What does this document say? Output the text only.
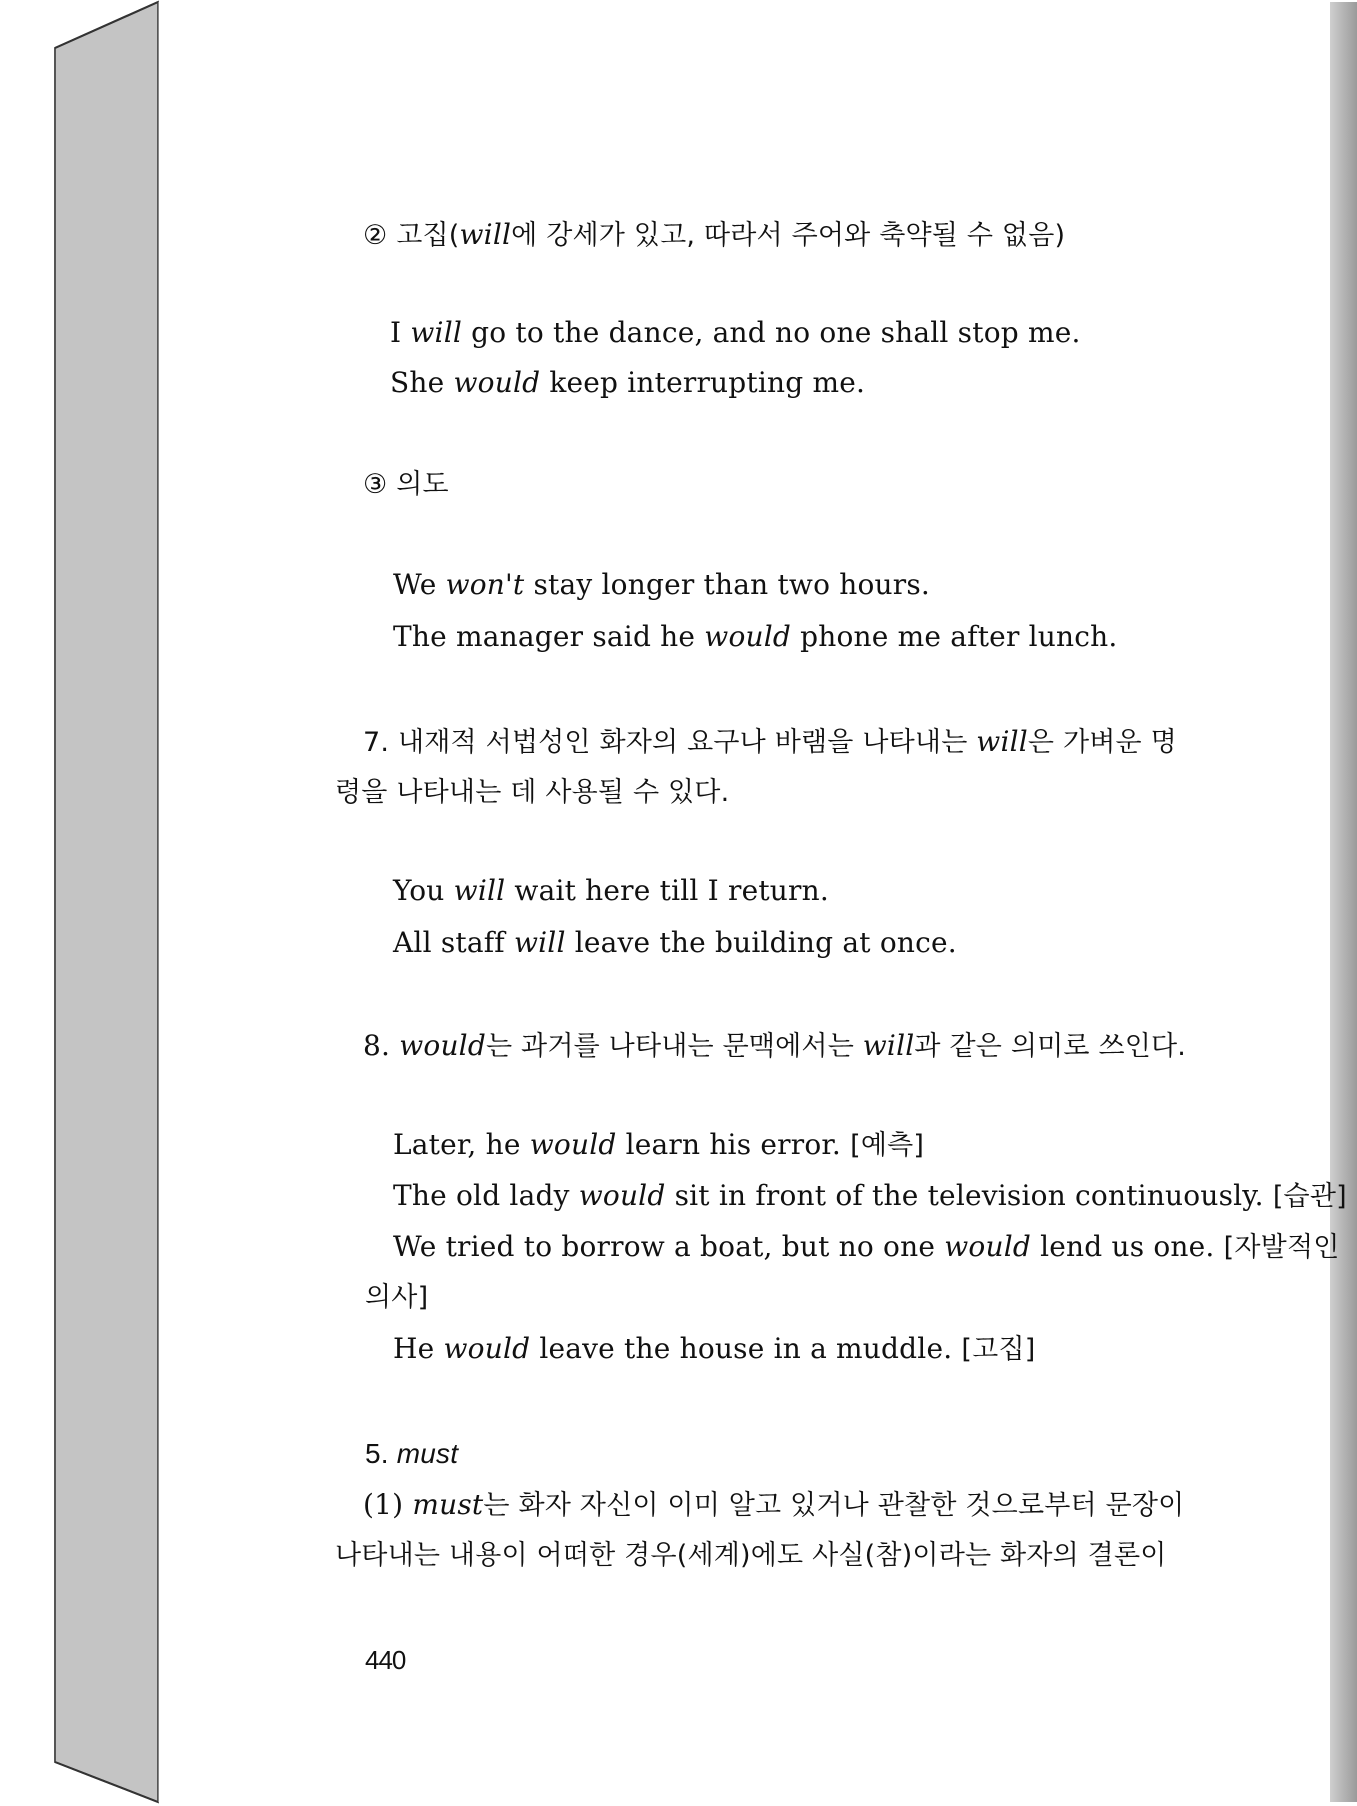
② 고집(will에 강세가 있고, 따라서 주어와 축약될 수 없음)
I will go to the dance, and no one shall stop me.
She would keep interrupting me.
③ 의도
We won't stay longer than two hours.
The manager said he would phone me after lunch.
7. 내재적 서법성인 화자의 요구나 바램을 나타내는 will은 가벼운 명
령을 나타내는 데 사용될 수 있다.
You will wait here till I return.
All staff will leave the building at once.
8. would는 과거를 나타내는 문맥에서는 will과 같은 의미로 쓰인다.
Later, he would learn his error. [예측]
The old lady would sit in front of the television continuously. [습관]
We tried to borrow a boat, but no one would lend us one. [자발적인
의사]
He would leave the house in a muddle. [고집]
5. must
(1) must는 화자 자신이 이미 알고 있거나 관찰한 것으로부터 문장이
나타내는 내용이 어떠한 경우(세계)에도 사실(참)이라는 화자의 결론이
440
